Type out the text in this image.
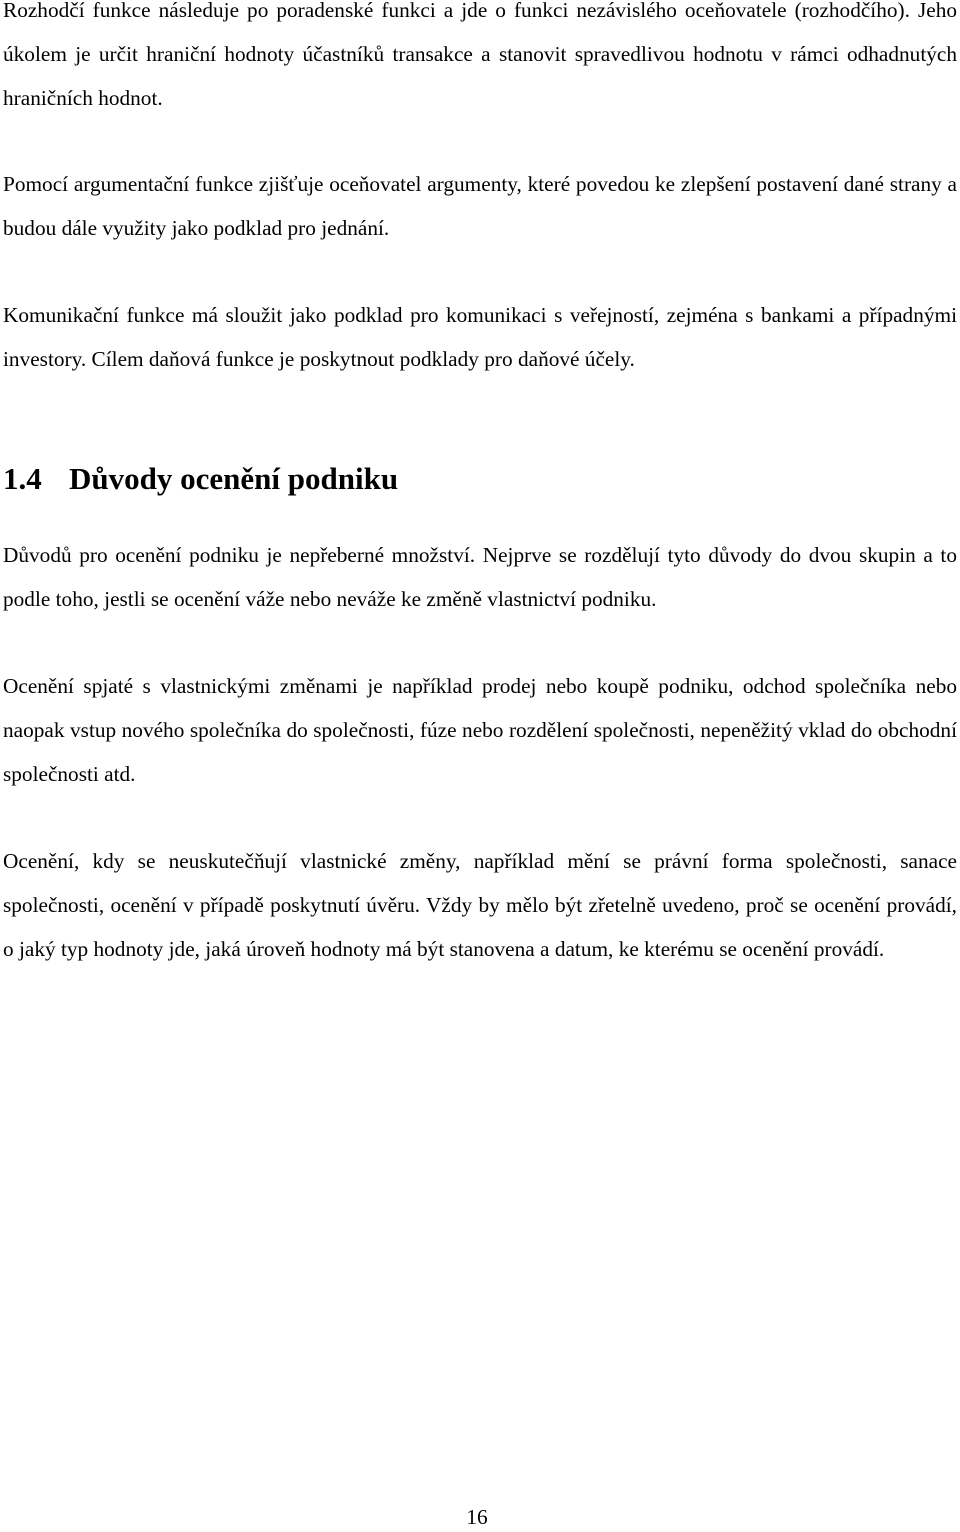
Rozhodčí funkce následuje po poradenské funkci a jde o funkci nezávislého oceňovatele (rozhodčího). Jeho úkolem je určit hraniční hodnoty účastníků transakce a stanovit spravedlivou hodnotu v rámci odhadnutých hraničních hodnot.

Pomocí argumentační funkce zjišťuje oceňovatel argumenty, které povedou ke zlepšení postavení dané strany a budou dále využity jako podklad pro jednání.

Komunikační funkce má sloužit jako podklad pro komunikaci s veřejností, zejména s bankami a případnými investory. Cílem daňová funkce je poskytnout podklady pro daňové účely.

1.4 Důvody ocenění podniku

Důvodů pro ocenění podniku je nepřeberné množství. Nejprve se rozdělují tyto důvody do dvou skupin a to podle toho, jestli se ocenění váže nebo neváže ke změně vlastnictví podniku.

Ocenění spjaté s vlastnickými změnami je například prodej nebo koupě podniku, odchod společníka nebo naopak vstup nového společníka do společnosti, fúze nebo rozdělení společnosti, nepeněžitý vklad do obchodní společnosti atd.

Ocenění, kdy se neuskutečňují vlastnické změny, například mění se právní forma společnosti, sanace společnosti, ocenění v případě poskytnutí úvěru. Vždy by mělo být zřetelně uvedeno, proč se ocenění provádí, o jaký typ hodnoty jde, jaká úroveň hodnoty má být stanovena a datum, ke kterému se ocenění provádí.

16
